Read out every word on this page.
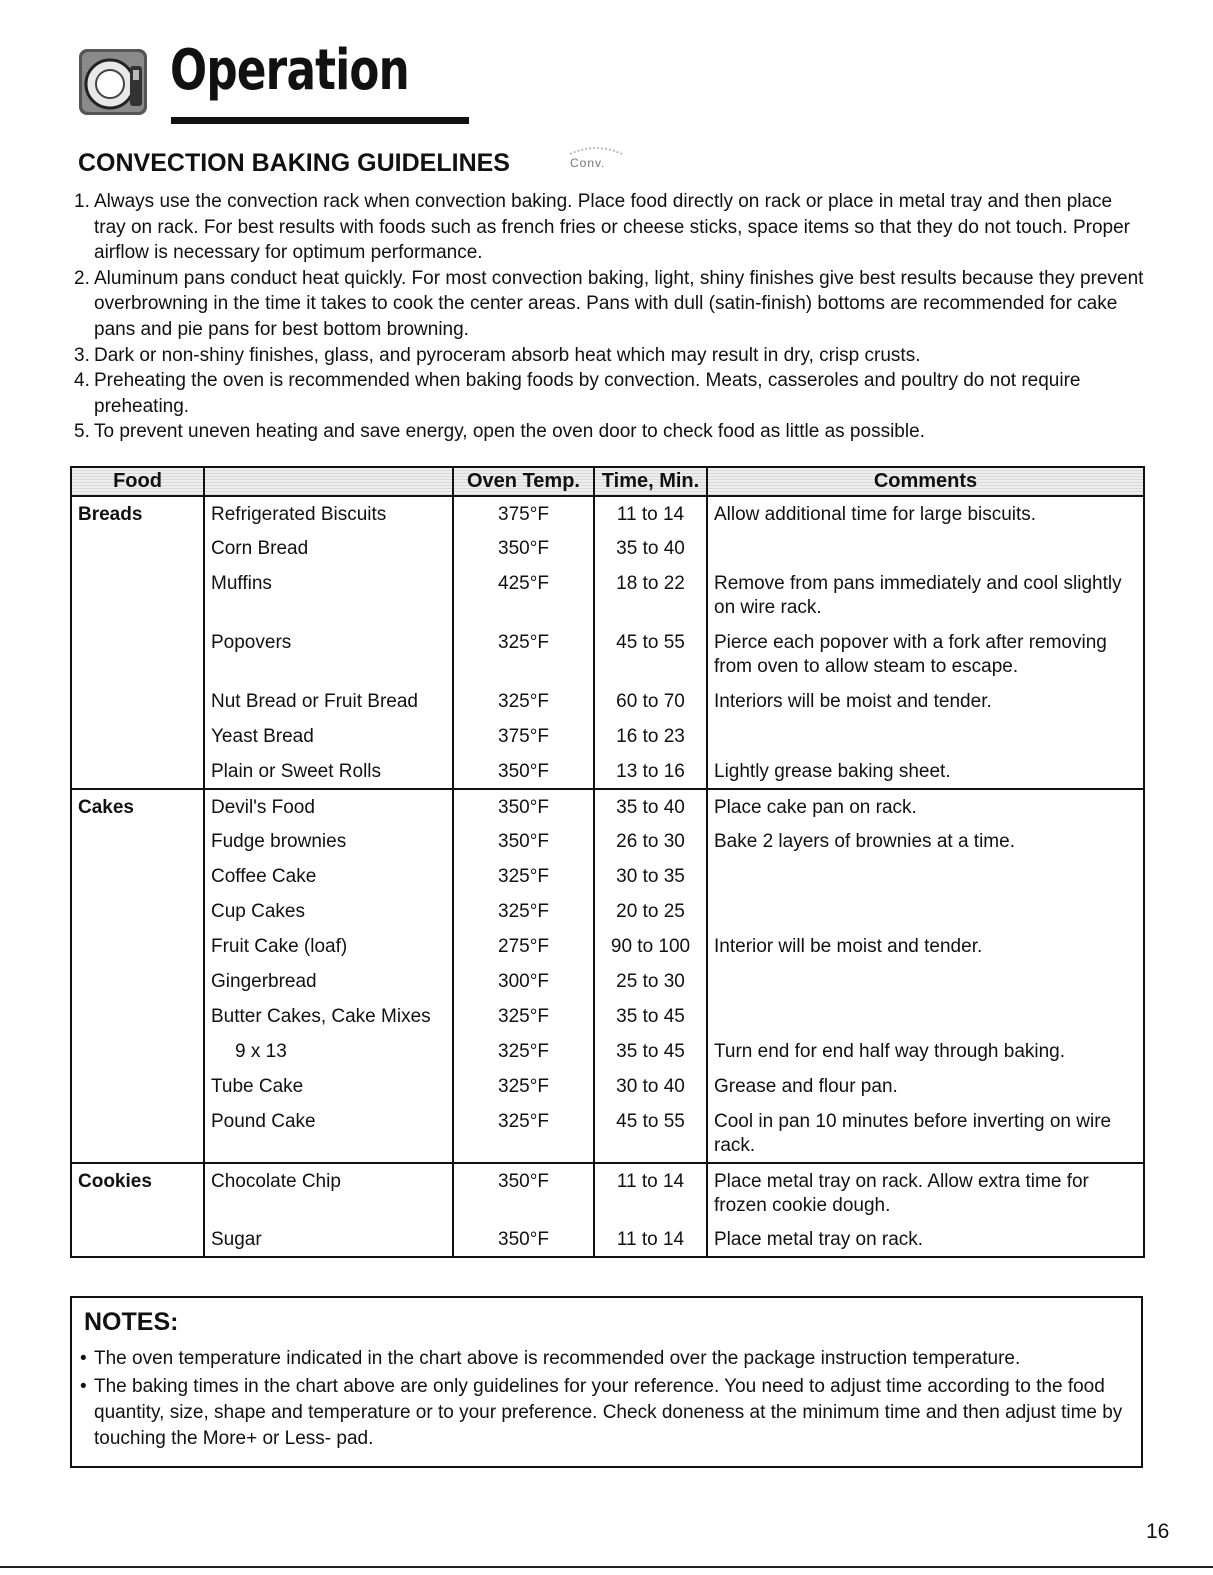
Operation
CONVECTION BAKING GUIDELINES	Conv.
1. Always use the convection rack when convection baking. Place food directly on rack or place in metal tray and then place tray on rack. For best results with foods such as french fries or cheese sticks, space items so that they do not touch. Proper airflow is necessary for optimum performance.
2. Aluminum pans conduct heat quickly. For most convection baking, light, shiny finishes give best results because they prevent overbrowning in the time it takes to cook the center areas. Pans with dull (satin-finish) bottoms are recommended for cake pans and pie pans for best bottom browning.
3. Dark or non-shiny finishes, glass, and pyroceram absorb heat which may result in dry, crisp crusts.
4. Preheating the oven is recommended when baking foods by convection. Meats, casseroles and poultry do not require preheating.
5. To prevent uneven heating and save energy, open the oven door to check food as little as possible.
Food		Oven Temp.	Time, Min.	Comments
Breads	Refrigerated Biscuits	375°F	11 to 14	Allow additional time for large biscuits.
	Corn Bread	350°F	35 to 40	
	Muffins	425°F	18 to 22	Remove from pans immediately and cool slightly on wire rack.
	Popovers	325°F	45 to 55	Pierce each popover with a fork after removing from oven to allow steam to escape.
	Nut Bread or Fruit Bread	325°F	60 to 70	Interiors will be moist and tender.
	Yeast Bread	375°F	16 to 23	
	Plain or Sweet Rolls	350°F	13 to 16	Lightly grease baking sheet.
Cakes	Devil's Food	350°F	35 to 40	Place cake pan on rack.
	Fudge brownies	350°F	26 to 30	Bake 2 layers of brownies at a time.
	Coffee Cake	325°F	30 to 35	
	Cup Cakes	325°F	20 to 25	
	Fruit Cake (loaf)	275°F	90 to 100	Interior will be moist and tender.
	Gingerbread	300°F	25 to 30	
	Butter Cakes, Cake Mixes	325°F	35 to 45	
	9 x 13	325°F	35 to 45	Turn end for end half way through baking.
	Tube Cake	325°F	30 to 40	Grease and flour pan.
	Pound Cake	325°F	45 to 55	Cool in pan 10 minutes before inverting on wire rack.
Cookies	Chocolate Chip	350°F	11 to 14	Place metal tray on rack. Allow extra time for frozen cookie dough.
	Sugar	350°F	11 to 14	Place metal tray on rack.
NOTES:
• The oven temperature indicated in the chart above is recommended over the package instruction temperature.
• The baking times in the chart above are only guidelines for your reference. You need to adjust time according to the food quantity, size, shape and temperature or to your preference. Check doneness at the minimum time and then adjust time by touching the More+ or Less- pad.
16
